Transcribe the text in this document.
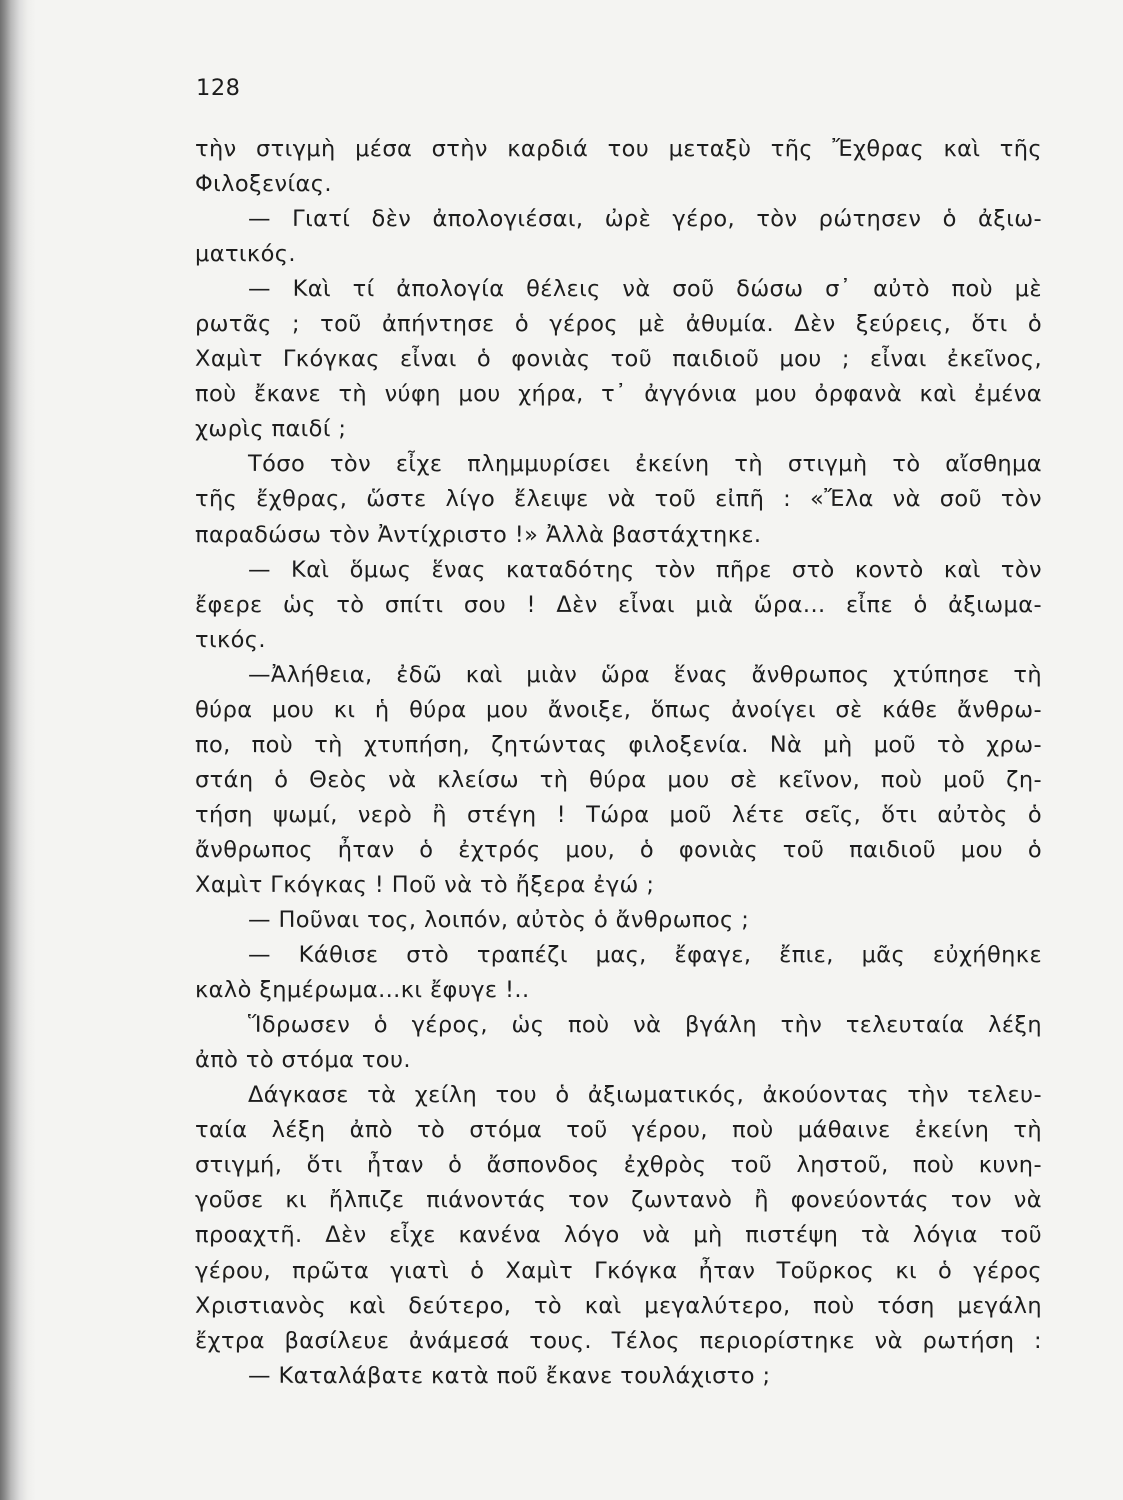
128
τὴν στιγμὴ μέσα στὴν καρδιά του μεταξὺ τῆς Ἔχθρας καὶ τῆς
Φιλοξενίας.
— Γιατί δὲν ἀπολογιέσαι, ὠρὲ γέρο, τὸν ρώτησεν ὁ ἀξιω-
ματικός.
— Καὶ τί ἀπολογία θέλεις νὰ σοῦ δώσω σ᾿ αὐτὸ ποὺ μὲ
ρωτᾶς ; τοῦ ἀπήντησε ὁ γέρος μὲ ἀθυμία. Δὲν ξεύρεις, ὅτι ὁ
Χαμὶτ Γκόγκας εἶναι ὁ φονιὰς τοῦ παιδιοῦ μου ; εἶναι ἐκεῖνος,
ποὺ ἔκανε τὴ νύφη μου χήρα, τ᾿ ἀγγόνια μου ὀρφανὰ καὶ ἐμένα
χωρὶς παιδί ;
Τόσο τὸν εἶχε πλημμυρίσει ἐκείνη τὴ στιγμὴ τὸ αἴσθημα
τῆς ἔχθρας, ὥστε λίγο ἔλειψε νὰ τοῦ εἰπῆ : «Ἔλα νὰ σοῦ τὸν
παραδώσω τὸν Ἀντίχριστο !» Ἀλλὰ βαστάχτηκε.
— Καὶ ὅμως ἕνας καταδότης τὸν πῆρε στὸ κοντὸ καὶ τὸν
ἔφερε ὡς τὸ σπίτι σου ! Δὲν εἶναι μιὰ ὥρα... εἶπε ὁ ἀξιωμα-
τικός.
—Ἀλήθεια, ἐδῶ καὶ μιὰν ὥρα ἕνας ἄνθρωπος χτύπησε τὴ
θύρα μου κι ἡ θύρα μου ἄνοιξε, ὅπως ἀνοίγει σὲ κάθε ἄνθρω-
πο, ποὺ τὴ χτυπήση, ζητώντας φιλοξενία. Νὰ μὴ μοῦ τὸ χρω-
στάη ὁ Θεὸς νὰ κλείσω τὴ θύρα μου σὲ κεῖνον, ποὺ μοῦ ζη-
τήση ψωμί, νερὸ ἢ στέγη ! Τώρα μοῦ λέτε σεῖς, ὅτι αὐτὸς ὁ
ἄνθρωπος ἦταν ὁ ἐχτρός μου, ὁ φονιὰς τοῦ παιδιοῦ μου ὁ
Χαμὶτ Γκόγκας ! Ποῦ νὰ τὸ ἤξερα ἐγώ ;
— Ποῦναι τος, λοιπόν, αὐτὸς ὁ ἄνθρωπος ;
— Κάθισε στὸ τραπέζι μας, ἔφαγε, ἔπιε, μᾶς εὐχήθηκε
καλὸ ξημέρωμα...κι ἔφυγε !..
Ἵδρωσεν ὁ γέρος, ὡς ποὺ νὰ βγάλη τὴν τελευταία λέξη
ἀπὸ τὸ στόμα του.
Δάγκασε τὰ χείλη του ὁ ἀξιωματικός, ἀκούοντας τὴν τελευ-
ταία λέξη ἀπὸ τὸ στόμα τοῦ γέρου, ποὺ μάθαινε ἐκείνη τὴ
στιγμή, ὅτι ἦταν ὁ ἄσπονδος ἐχθρὸς τοῦ ληστοῦ, ποὺ κυνη-
γοῦσε κι ἤλπιζε πιάνοντάς τον ζωντανὸ ἢ φονεύοντάς τον νὰ
προαχτῆ. Δὲν εἶχε κανένα λόγο νὰ μὴ πιστέψη τὰ λόγια τοῦ
γέρου, πρῶτα γιατὶ ὁ Χαμὶτ Γκόγκα ἦταν Τοῦρκος κι ὁ γέρος
Χριστιανὸς καὶ δεύτερο, τὸ καὶ μεγαλύτερο, ποὺ τόση μεγάλη
ἔχτρα βασίλευε ἀνάμεσά τους. Τέλος περιορίστηκε νὰ ρωτήση :
— Καταλάβατε κατὰ ποῦ ἔκανε τουλάχιστο ;
